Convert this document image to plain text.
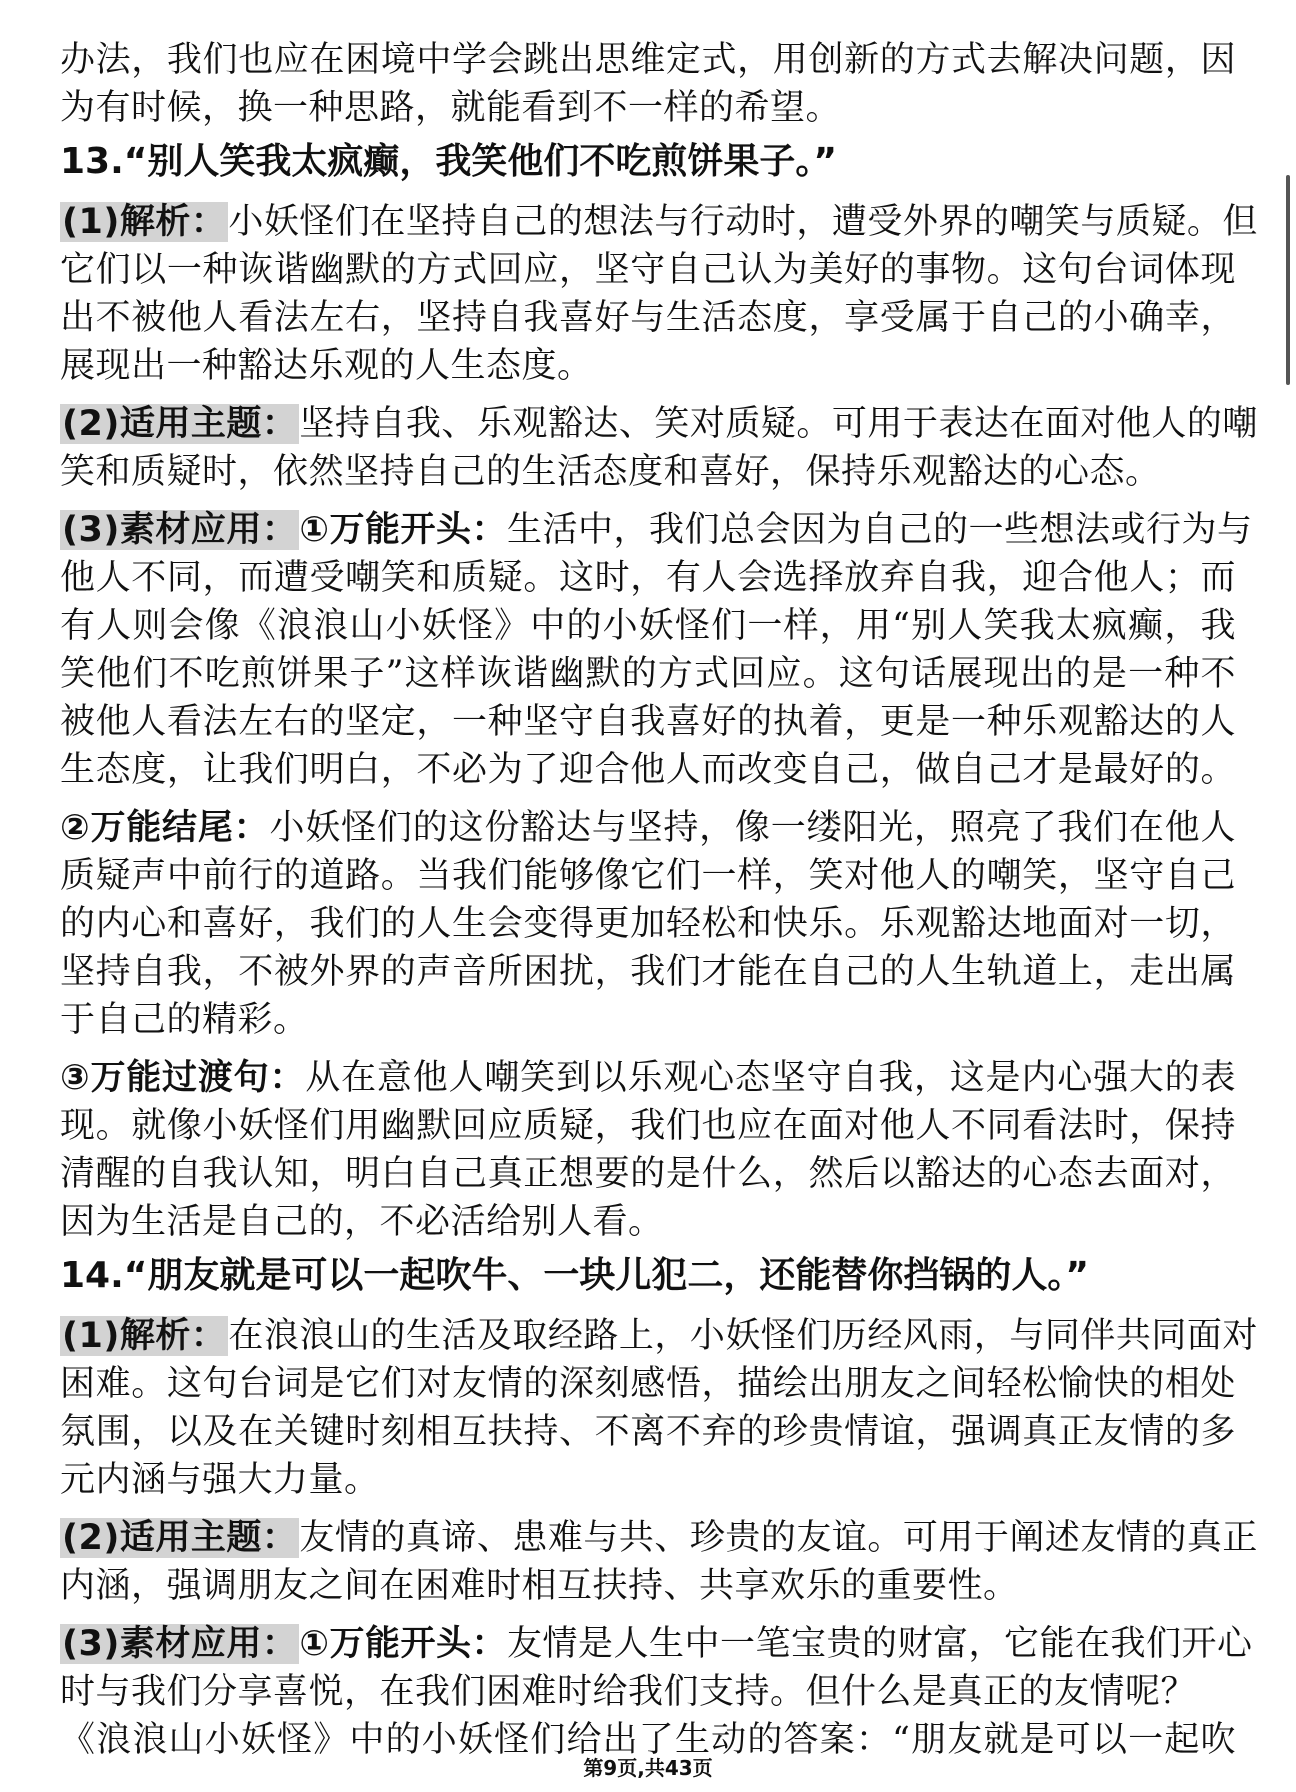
办法，我们也应在困境中学会跳出思维定式，用创新的方式去解决问题，因
为有时候，换一种思路，就能看到不一样的希望。
13.“别人笑我太疯癫，我笑他们不吃煎饼果子。”
(1)解析：小妖怪们在坚持自己的想法与行动时，遭受外界的嘲笑与质疑。但
它们以一种诙谐幽默的方式回应，坚守自己认为美好的事物。这句台词体现
出不被他人看法左右，坚持自我喜好与生活态度，享受属于自己的小确幸，
展现出一种豁达乐观的人生态度。
(2)适用主题：坚持自我、乐观豁达、笑对质疑。可用于表达在面对他人的嘲
笑和质疑时，依然坚持自己的生活态度和喜好，保持乐观豁达的心态。
(3)素材应用：①万能开头：生活中，我们总会因为自己的一些想法或行为与
他人不同，而遭受嘲笑和质疑。这时，有人会选择放弃自我，迎合他人；而
有人则会像《浪浪山小妖怪》中的小妖怪们一样，用“别人笑我太疯癫，我
笑他们不吃煎饼果子”这样诙谐幽默的方式回应。这句话展现出的是一种不
被他人看法左右的坚定，一种坚守自我喜好的执着，更是一种乐观豁达的人
生态度，让我们明白，不必为了迎合他人而改变自己，做自己才是最好的。
②万能结尾：小妖怪们的这份豁达与坚持，像一缕阳光，照亮了我们在他人
质疑声中前行的道路。当我们能够像它们一样，笑对他人的嘲笑，坚守自己
的内心和喜好，我们的人生会变得更加轻松和快乐。乐观豁达地面对一切，
坚持自我，不被外界的声音所困扰，我们才能在自己的人生轨道上，走出属
于自己的精彩。
③万能过渡句：从在意他人嘲笑到以乐观心态坚守自我，这是内心强大的表
现。就像小妖怪们用幽默回应质疑，我们也应在面对他人不同看法时，保持
清醒的自我认知，明白自己真正想要的是什么，然后以豁达的心态去面对，
因为生活是自己的，不必活给别人看。
14.“朋友就是可以一起吹牛、一块儿犯二，还能替你挡锅的人。”
(1)解析：在浪浪山的生活及取经路上，小妖怪们历经风雨，与同伴共同面对
困难。这句台词是它们对友情的深刻感悟，描绘出朋友之间轻松愉快的相处
氛围，以及在关键时刻相互扶持、不离不弃的珍贵情谊，强调真正友情的多
元内涵与强大力量。
(2)适用主题：友情的真谛、患难与共、珍贵的友谊。可用于阐述友情的真正
内涵，强调朋友之间在困难时相互扶持、共享欢乐的重要性。
(3)素材应用：①万能开头：友情是人生中一笔宝贵的财富，它能在我们开心
时与我们分享喜悦，在我们困难时给我们支持。但什么是真正的友情呢？
《浪浪山小妖怪》中的小妖怪们给出了生动的答案：“朋友就是可以一起吹
第9页,共43页
